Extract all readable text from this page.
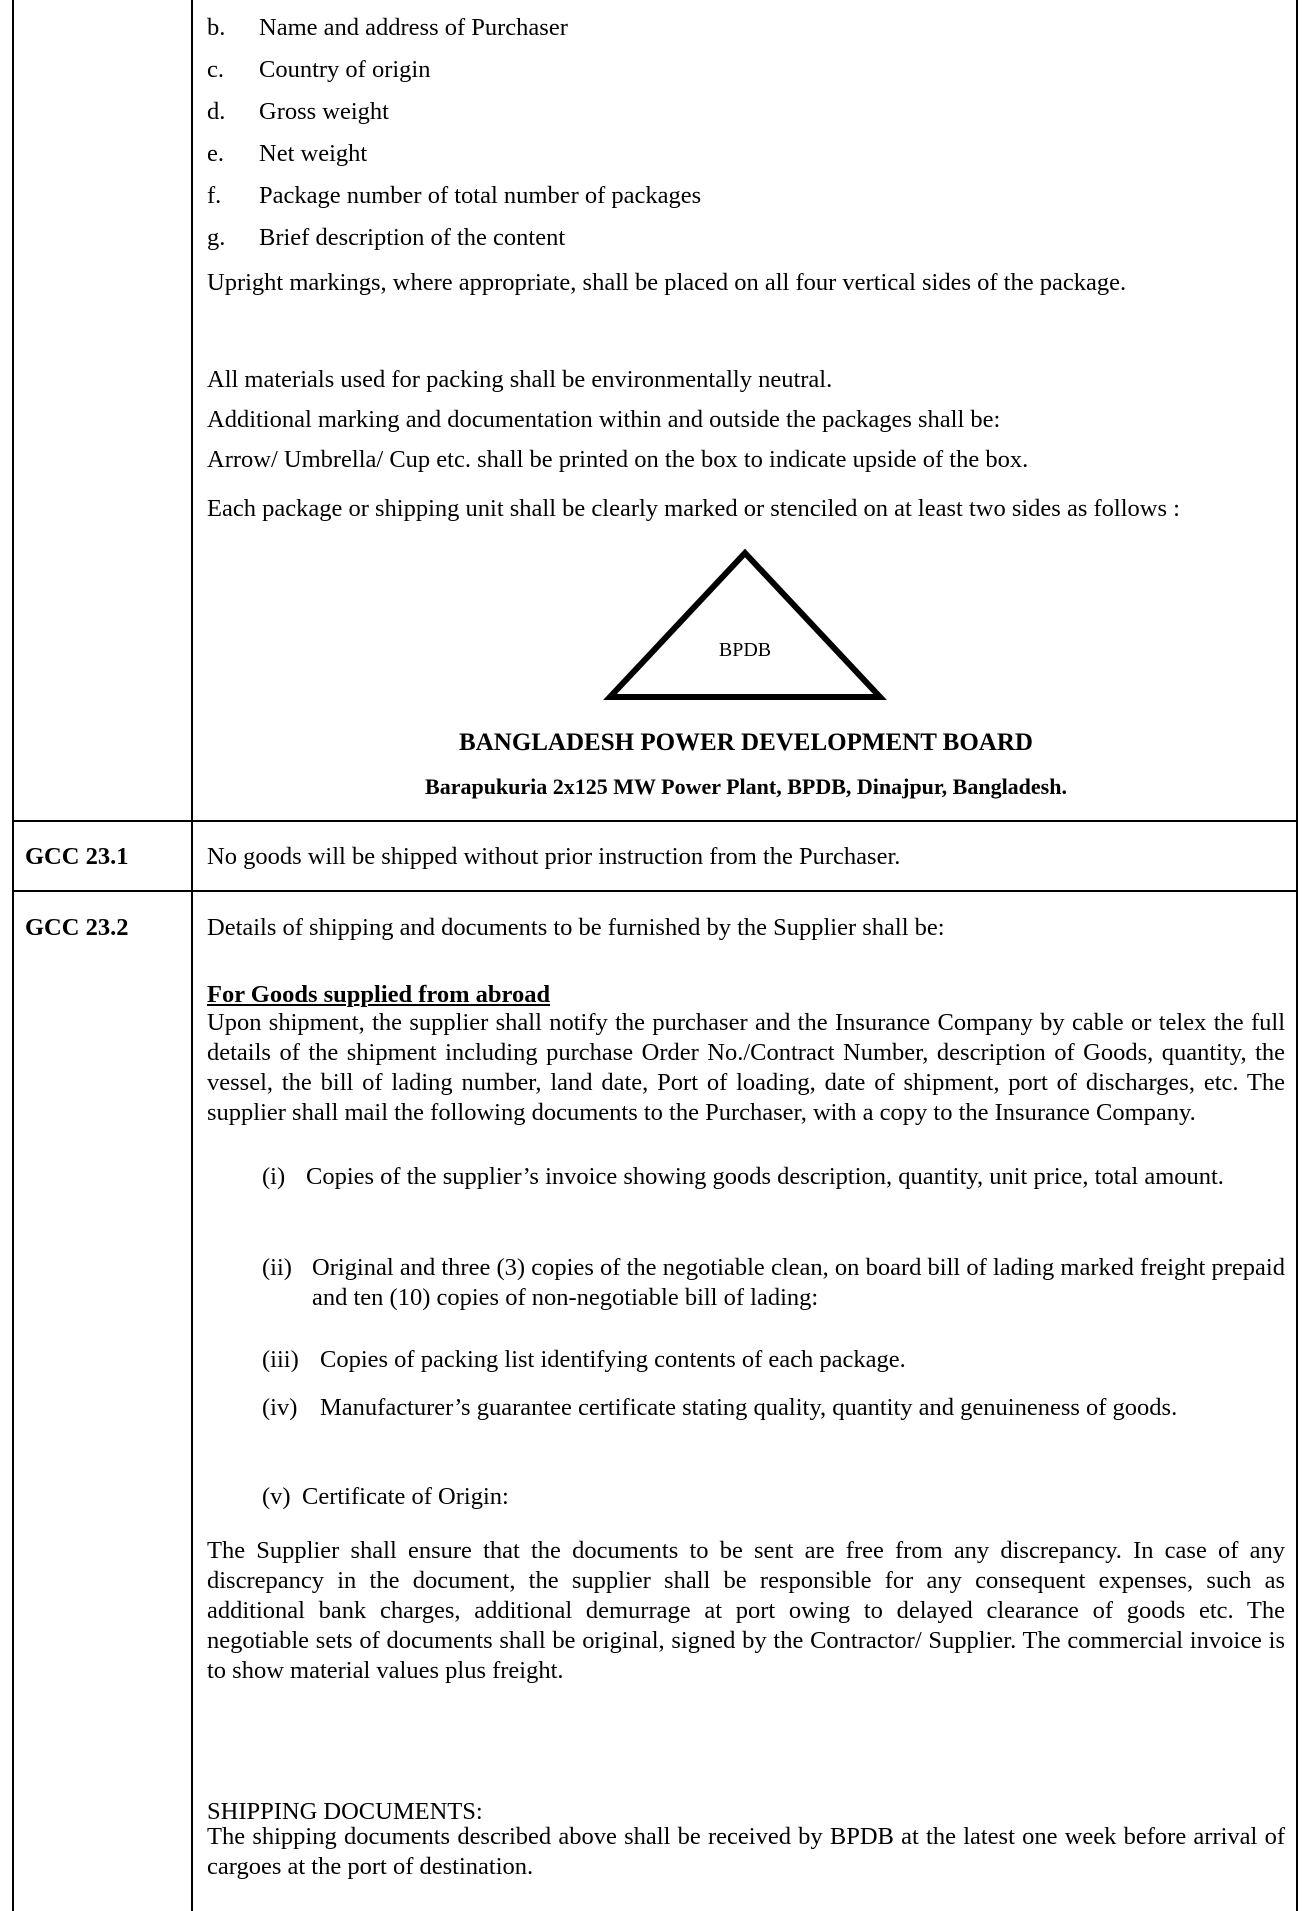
b.	Name and address of Purchaser
c.	Country of origin
d.	Gross weight
e.	Net weight
f.	Package number of total number of packages
g.	Brief description of the content

Upright markings, where appropriate, shall be placed on all four vertical sides of the package.

All materials used for packing shall be environmentally neutral.

Additional marking and documentation within and outside the packages shall be:

Arrow/ Umbrella/ Cup etc. shall be printed on the box to indicate upside of the box.

Each package or shipping unit shall be clearly marked or stenciled on at least two sides as follows :

BPDB
BANGLADESH POWER DEVELOPMENT BOARD
Barapukuria 2x125 MW Power Plant, BPDB, Dinajpur, Bangladesh.
GCC 23.1	No goods will be shipped without prior instruction from the Purchaser.

GCC 23.2	Details of shipping and documents to be furnished by the Supplier shall be:

For Goods supplied from abroad

Upon shipment, the supplier shall notify the purchaser and the Insurance Company by cable or telex the full details of the shipment including purchase Order No./Contract Number, description of Goods, quantity, the vessel, the bill of lading number, land date, Port of loading, date of shipment, port of discharges, etc. The supplier shall mail the following documents to the Purchaser, with a copy to the Insurance Company.

(i) Copies of the supplier’s invoice showing goods description, quantity, unit price, total amount.
(ii) Original and three (3) copies of the negotiable clean, on board bill of lading marked freight prepaid and ten (10) copies of non-negotiable bill of lading:
(iii) Copies of packing list identifying contents of each package.
(iv) Manufacturer’s guarantee certificate stating quality, quantity and genuineness of goods.
(v) Certificate of Origin:

The Supplier shall ensure that the documents to be sent are free from any discrepancy. In case of any discrepancy in the document, the supplier shall be responsible for any consequent expenses, such as additional bank charges, additional demurrage at port owing to delayed clearance of goods etc. The negotiable sets of documents shall be original, signed by the Contractor/ Supplier. The commercial invoice is to show material values plus freight.

SHIPPING DOCUMENTS:

The shipping documents described above shall be received by BPDB at the latest one week before arrival of cargoes at the port of destination.
